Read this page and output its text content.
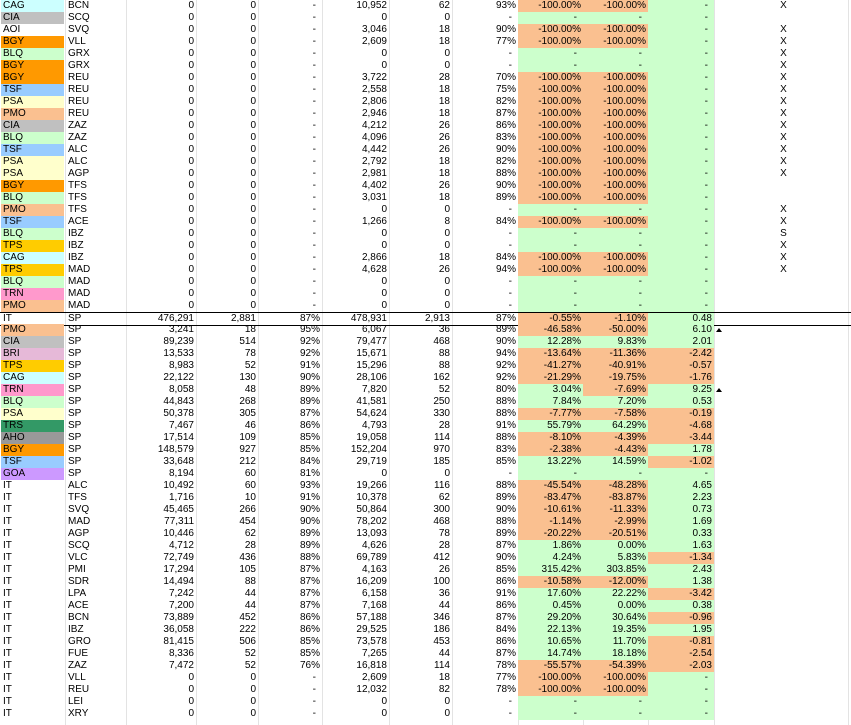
CAG	BCN	0	0	-	10,952	62	93%	-100.00%	-100.00%	-	X
CIA	SCQ	0	0	-	0	0	-	-	-	-
AOI	SVQ	0	0	-	3,046	18	90%	-100.00%	-100.00%	-	X
BGY	VLL	0	0	-	2,609	18	77%	-100.00%	-100.00%	-	X
BLQ	GRX	0	0	-	0	0	-	-	-	-	X
BGY	GRX	0	0	-	0	0	-	-	-	-	X
BGY	REU	0	0	-	3,722	28	70%	-100.00%	-100.00%	-	X
TSF	REU	0	0	-	2,558	18	75%	-100.00%	-100.00%	-	X
PSA	REU	0	0	-	2,806	18	82%	-100.00%	-100.00%	-	X
PMO	REU	0	0	-	2,946	18	87%	-100.00%	-100.00%	-	X
CIA	ZAZ	0	0	-	4,212	26	86%	-100.00%	-100.00%	-	X
BLQ	ZAZ	0	0	-	4,096	26	83%	-100.00%	-100.00%	-	X
TSF	ALC	0	0	-	4,442	26	90%	-100.00%	-100.00%	-	X
PSA	ALC	0	0	-	2,792	18	82%	-100.00%	-100.00%	-	X
PSA	AGP	0	0	-	2,981	18	88%	-100.00%	-100.00%	-	X
BGY	TFS	0	0	-	4,402	26	90%	-100.00%	-100.00%	-
BLQ	TFS	0	0	-	3,031	18	89%	-100.00%	-100.00%	-
PMO	TFS	0	0	-	0	0	-	-	-	-	X
TSF	ACE	0	0	-	1,266	8	84%	-100.00%	-100.00%	-	X
BLQ	IBZ	0	0	-	0	0	-	-	-	-	S
TPS	IBZ	0	0	-	0	0	-	-	-	-	X
CAG	IBZ	0	0	-	2,866	18	84%	-100.00%	-100.00%	-	X
TPS	MAD	0	0	-	4,628	26	94%	-100.00%	-100.00%	-	X
BLQ	MAD	0	0	-	0	0	-	-	-	-
TRN	MAD	0	0	-	0	0	-	-	-	-
PMO	MAD	0	0	-	0	0	-	-	-	-
IT	SP	476,291	2,881	87%	478,931	2,913	87%	-0.55%	-1.10%	0.48
PMO	SP	3,241	18	95%	6,067	36	89%	-46.58%	-50.00%	6.10
CIA	SP	89,239	514	92%	79,477	468	90%	12.28%	9.83%	2.01
BRI	SP	13,533	78	92%	15,671	88	94%	-13.64%	-11.36%	-2.42
TPS	SP	8,983	52	91%	15,296	88	92%	-41.27%	-40.91%	-0.57
CAG	SP	22,122	130	90%	28,106	162	92%	-21.29%	-19.75%	-1.76
TRN	SP	8,058	48	89%	7,820	52	80%	3.04%	-7.69%	9.25
BLQ	SP	44,843	268	89%	41,581	250	88%	7.84%	7.20%	0.53
PSA	SP	50,378	305	87%	54,624	330	88%	-7.77%	-7.58%	-0.19
TRS	SP	7,467	46	86%	4,793	28	91%	55.79%	64.29%	-4.68
AHO	SP	17,514	109	85%	19,058	114	88%	-8.10%	-4.39%	-3.44
BGY	SP	148,579	927	85%	152,204	970	83%	-2.38%	-4.43%	1.78
TSF	SP	33,648	212	84%	29,719	185	85%	13.22%	14.59%	-1.02
GOA	SP	8,194	60	81%	0	0	-	-	-	-
IT	ALC	10,492	60	93%	19,266	116	88%	-45.54%	-48.28%	4.65
IT	TFS	1,716	10	91%	10,378	62	89%	-83.47%	-83.87%	2.23
IT	SVQ	45,465	266	90%	50,864	300	90%	-10.61%	-11.33%	0.73
IT	MAD	77,311	454	90%	78,202	468	88%	-1.14%	-2.99%	1.69
IT	AGP	10,446	62	89%	13,093	78	89%	-20.22%	-20.51%	0.33
IT	SCQ	4,712	28	89%	4,626	28	87%	1.86%	0.00%	1.63
IT	VLC	72,749	436	88%	69,789	412	90%	4.24%	5.83%	-1.34
IT	PMI	17,294	105	87%	4,163	26	85%	315.42%	303.85%	2.43
IT	SDR	14,494	88	87%	16,209	100	86%	-10.58%	-12.00%	1.38
IT	LPA	7,242	44	87%	6,158	36	91%	17.60%	22.22%	-3.42
IT	ACE	7,200	44	87%	7,168	44	86%	0.45%	0.00%	0.38
IT	BCN	73,889	452	86%	57,188	346	87%	29.20%	30.64%	-0.96
IT	IBZ	36,058	222	86%	29,525	186	84%	22.13%	19.35%	1.95
IT	GRO	81,415	506	85%	73,578	453	86%	10.65%	11.70%	-0.81
IT	FUE	8,336	52	85%	7,265	44	87%	14.74%	18.18%	-2.54
IT	ZAZ	7,472	52	76%	16,818	114	78%	-55.57%	-54.39%	-2.03
IT	VLL	0	0	-	2,609	18	77%	-100.00%	-100.00%	-
IT	REU	0	0	-	12,032	82	78%	-100.00%	-100.00%	-
IT	LEI	0	0	-	0	0	-	-	-	-
IT	XRY	0	0	-	0	0	-	-	-	-
